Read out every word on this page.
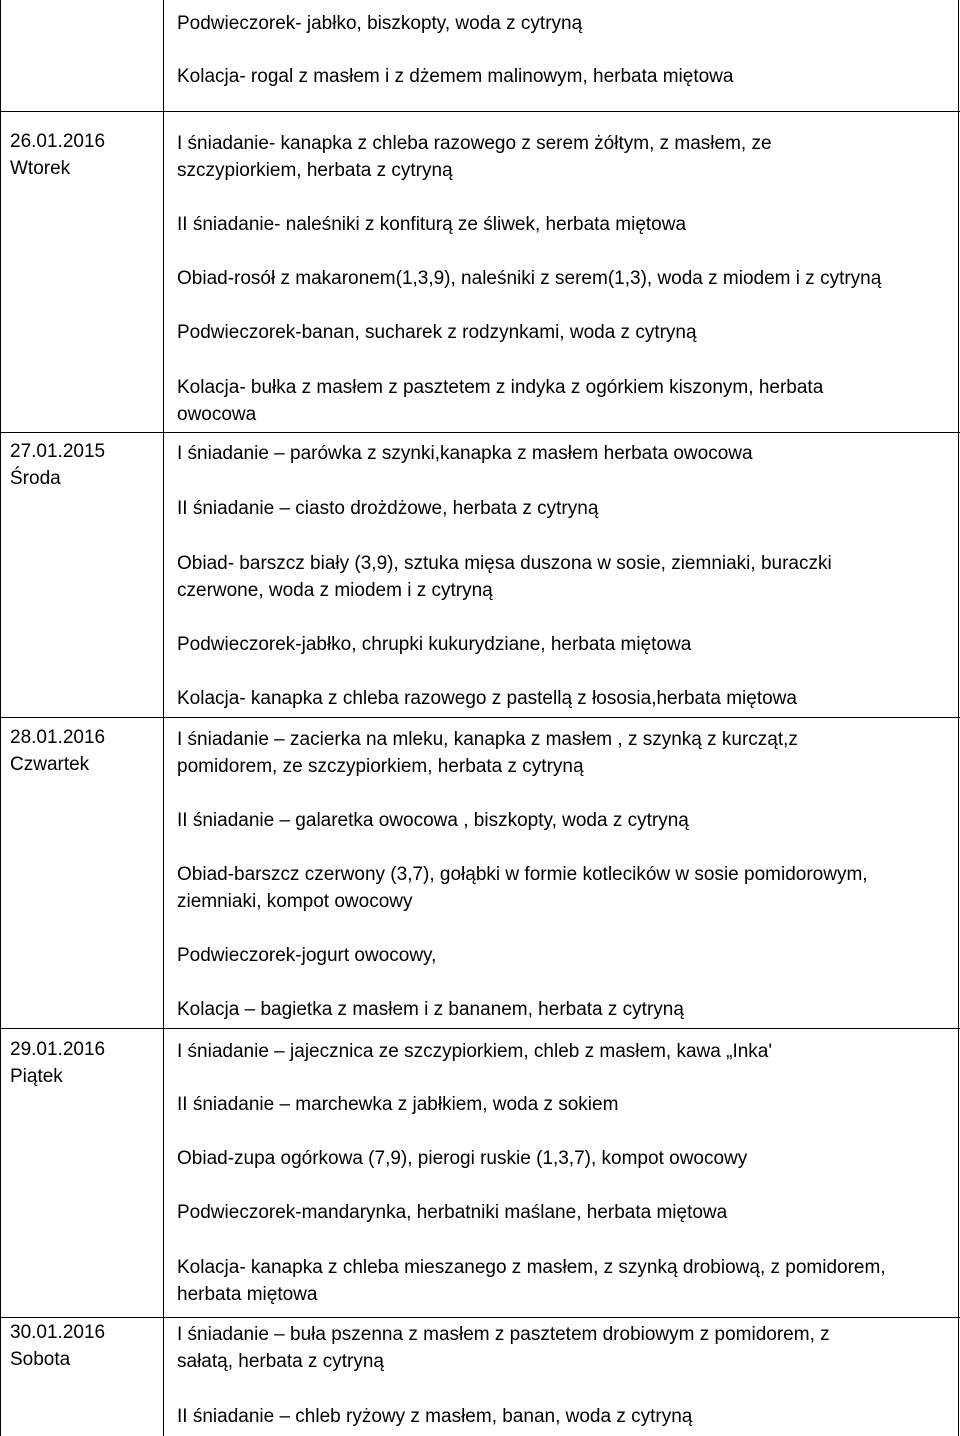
Podwieczorek- jabłko, biszkopty, woda z cytryną
Kolacja- rogal z masłem i z dżemem malinowym, herbata miętowa
26.01.2016
Wtorek
I śniadanie- kanapka z chleba razowego z serem żółtym, z masłem, ze
szczypiorkiem, herbata z cytryną
II śniadanie- naleśniki z konfiturą ze śliwek, herbata miętowa
Obiad-rosół z makaronem(1,3,9), naleśniki z serem(1,3), woda z miodem i z cytryną
Podwieczorek-banan, sucharek z rodzynkami, woda z cytryną
Kolacja- bułka z masłem z pasztetem z indyka z ogórkiem kiszonym, herbata
owocowa
27.01.2015
Środa
I śniadanie – parówka z szynki,kanapka z masłem herbata owocowa
II śniadanie – ciasto drożdżowe, herbata z cytryną
Obiad- barszcz biały (3,9), sztuka mięsa duszona w sosie, ziemniaki, buraczki
czerwone, woda z miodem i z cytryną
Podwieczorek-jabłko, chrupki kukurydziane, herbata miętowa
Kolacja- kanapka z chleba razowego z pastellą z łososia,herbata miętowa
28.01.2016
Czwartek
I śniadanie – zacierka na mleku, kanapka z masłem , z szynką z kurcząt,z
pomidorem, ze szczypiorkiem, herbata z cytryną
II śniadanie – galaretka owocowa , biszkopty, woda z cytryną
Obiad-barszcz czerwony (3,7), gołąbki w formie kotlecików w sosie pomidorowym,
ziemniaki, kompot owocowy
Podwieczorek-jogurt owocowy,
Kolacja – bagietka z masłem i z bananem, herbata z cytryną
29.01.2016
Piątek
I śniadanie – jajecznica ze szczypiorkiem, chleb z masłem, kawa „Inka'
II śniadanie – marchewka z jabłkiem, woda z sokiem
Obiad-zupa ogórkowa (7,9), pierogi ruskie (1,3,7), kompot owocowy
Podwieczorek-mandarynka, herbatniki maślane, herbata miętowa
Kolacja- kanapka z chleba mieszanego z masłem, z szynką drobiową, z pomidorem,
herbata miętowa
30.01.2016
Sobota
I śniadanie – buła pszenna z masłem z pasztetem drobiowym z pomidorem, z
sałatą, herbata z cytryną
II śniadanie – chleb ryżowy z masłem, banan, woda z cytryną
